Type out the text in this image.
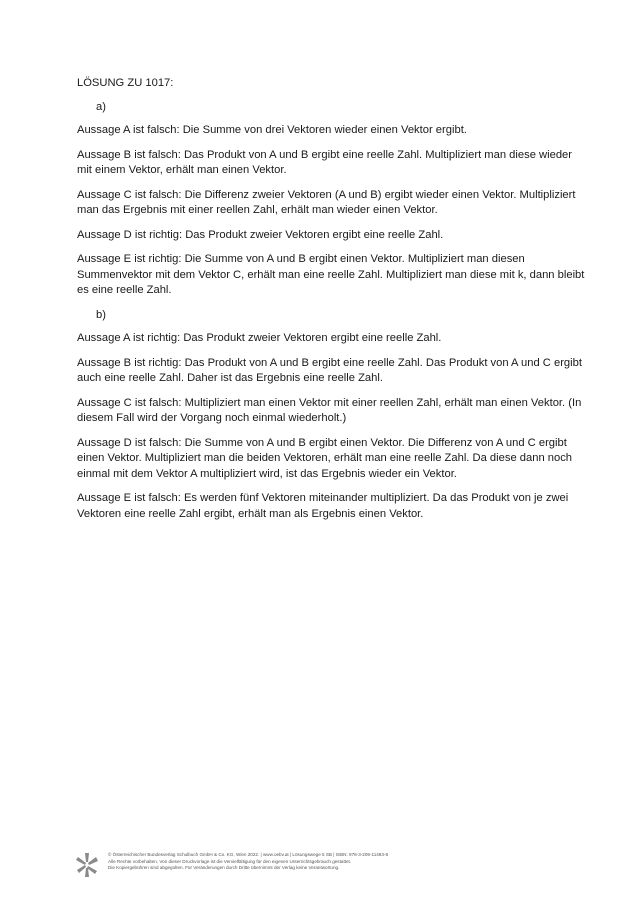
LÖSUNG ZU 1017:
a)
Aussage A ist falsch: Die Summe von drei Vektoren wieder einen Vektor ergibt.
Aussage B ist falsch: Das Produkt von A und B ergibt eine reelle Zahl. Multipliziert man diese wieder mit einem Vektor, erhält man einen Vektor.
Aussage C ist falsch: Die Differenz zweier Vektoren (A und B) ergibt wieder einen Vektor. Multipliziert man das Ergebnis mit einer reellen Zahl, erhält man wieder einen Vektor.
Aussage D ist richtig: Das Produkt zweier Vektoren ergibt eine reelle Zahl.
Aussage E ist richtig: Die Summe von A und B ergibt einen Vektor. Multipliziert man diesen Summenvektor mit dem Vektor C, erhält man eine reelle Zahl. Multipliziert man diese mit k, dann bleibt es eine reelle Zahl.
b)
Aussage A ist richtig: Das Produkt zweier Vektoren ergibt eine reelle Zahl.
Aussage B ist richtig: Das Produkt von A und B ergibt eine reelle Zahl. Das Produkt von A und C ergibt auch eine reelle Zahl. Daher ist das Ergebnis eine reelle Zahl.
Aussage C ist falsch: Multipliziert man einen Vektor mit einer reellen Zahl, erhält man einen Vektor. (In diesem Fall wird der Vorgang noch einmal wiederholt.)
Aussage D ist falsch: Die Summe von A und B ergibt einen Vektor. Die Differenz von A und C ergibt einen Vektor. Multipliziert man die beiden Vektoren, erhält man eine reelle Zahl. Da diese dann noch einmal mit dem Vektor A multipliziert wird, ist das Ergebnis wieder ein Vektor.
Aussage E ist falsch: Es werden fünf Vektoren miteinander multipliziert. Da das Produkt von je zwei Vektoren eine reelle Zahl ergibt, erhält man als Ergebnis einen Vektor.
© Österreichischer Bundesverlag Schulbuch GmbH & Co. KG, Wien 2022. | www.oebv.at | Lösungswege 5 SB | ISBN: 978-3-209-11493-8
Alle Rechte vorbehalten. Von dieser Druckvorlage ist die Vervielfältigung für den eigenen Unterrichtsgebrauch gestattet.
Die Kopiergebühren sind abgegolten. Für Veränderungen durch Dritte übernimmt der Verlag keine Verantwortung.
